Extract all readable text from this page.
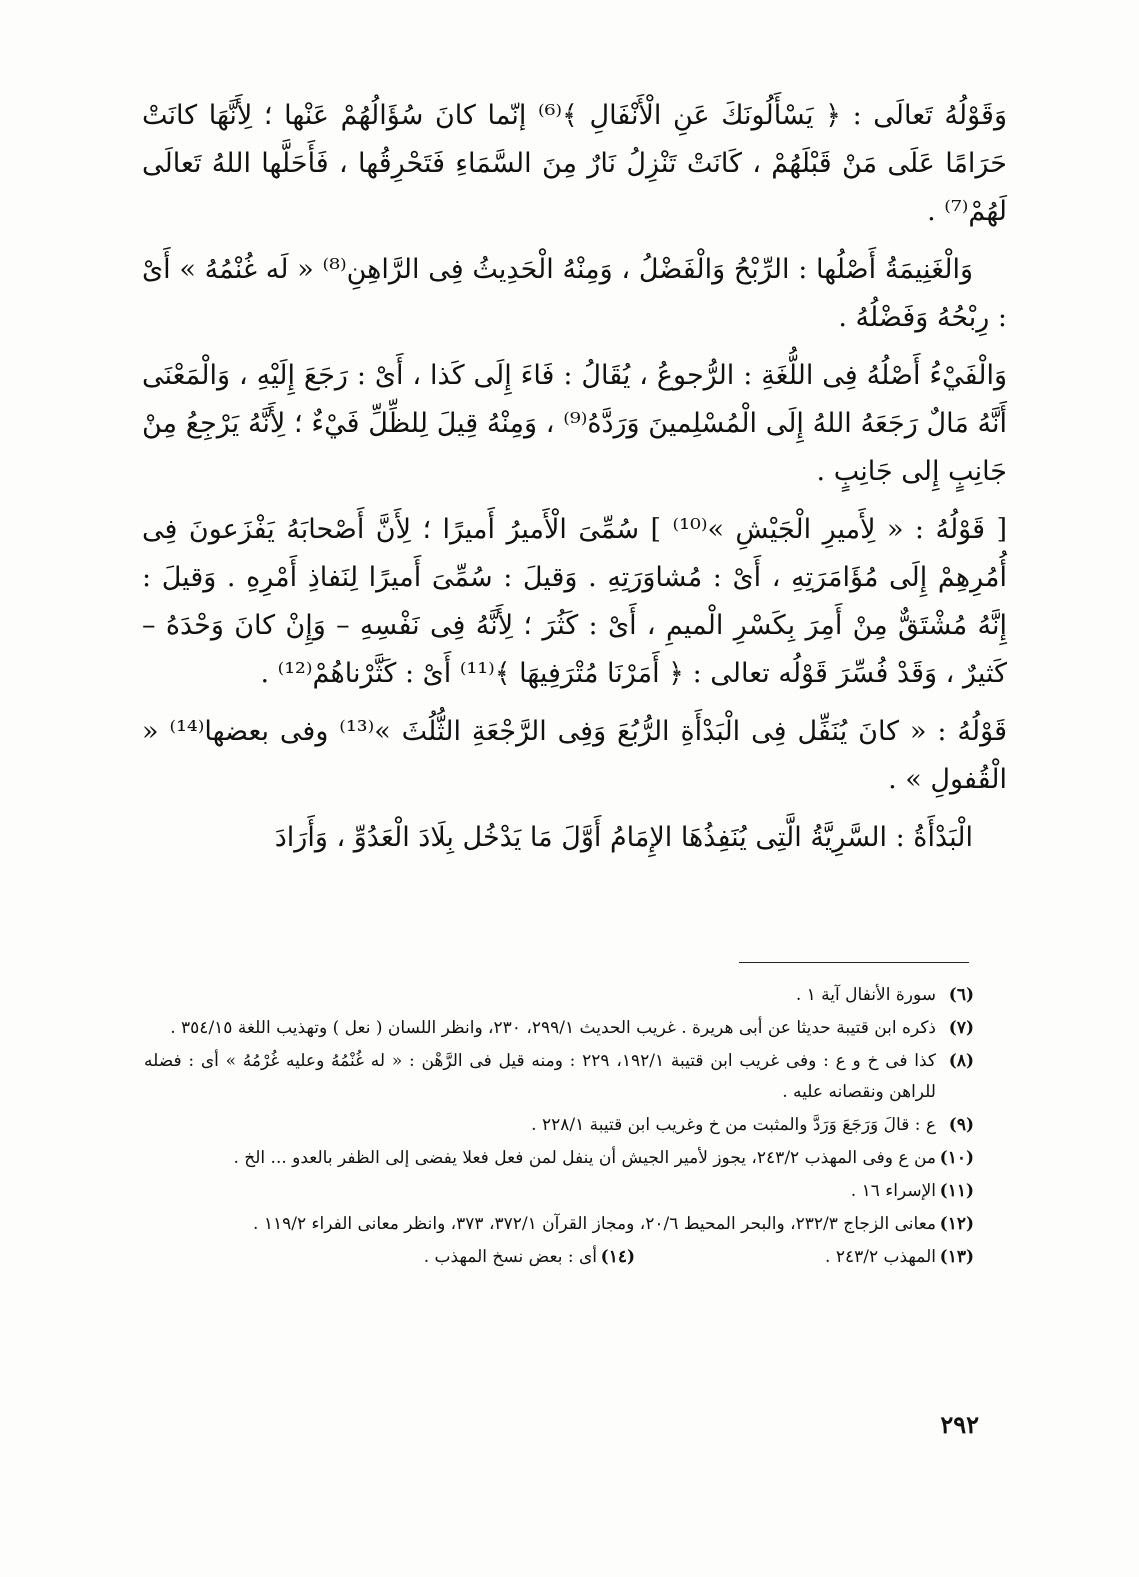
وَقَوْلُهُ تَعالَى : ﴿ يَسْأَلُونَكَ عَنِ الْأَنْفَالِ ﴾⁽⁶⁾ إنّما كانَ سُؤَالُهُمْ عَنْها ؛ لِأَنَّهَا كانَتْ حَرَامًا عَلَى مَنْ قَبْلَهُمْ ، كَانَتْ تَنْزِلُ نَارٌ مِنَ السَّمَاءِ فَتَحْرِقُها ، فَأَحَلَّها اللهُ تَعالَى لَهُمْ⁽⁷⁾ .

وَالْغَنِيمَةُ أَصْلُها : الرِّبْحُ وَالْفَضْلُ ، وَمِنْهُ الْحَدِيثُ فِى الرَّاهِنِ⁽⁸⁾ « لَه غُنْمُهُ » أَىْ : رِبْحُهُ وَفَضْلُهُ .

وَالْفَيْءُ أَصْلُهُ فِى اللُّغَةِ : الرُّجوعُ ، يُقَالُ : فَاءَ إِلَى كَذا ، أَىْ : رَجَعَ إِلَيْهِ ، وَالْمَعْنَى أَنَّهُ مَالٌ رَجَعَهُ اللهُ إِلَى الْمُسْلِمينَ وَرَدَّهُ⁽⁹⁾ ، وَمِنْهُ قِيلَ لِلظِّلِّ فَيْءٌ ؛ لِأَنَّهُ يَرْجِعُ مِنْ جَانِبٍ إِلى جَانِبٍ .

[ قَوْلُهُ : « لِأَميرِ الْجَيْشِ »⁽¹⁰⁾ ] سُمِّىَ الْأَميرُ أَميرًا ؛ لِأَنَّ أَصْحابَهُ يَفْزَعونَ فِى أُمُرِهِمْ إِلَى مُؤَامَرَتِهِ ، أَىْ : مُشاوَرَتِهِ . وَقيلَ : سُمِّىَ أَميرًا لِنَفاذِ أَمْرِهِ . وَقيلَ : إِنَّهُ مُشْتَقٌّ مِنْ أَمِرَ بِكَسْرِ الْميمِ ، أَىْ : كَثُرَ ؛ لِأَنَّهُ فِى نَفْسِهِ – وَإِنْ كانَ وَحْدَهُ – كَثيرٌ ، وَقَدْ فُسِّرَ قَوْلُه تعالى : ﴿ أَمَرْنَا مُتْرَفِيهَا ﴾⁽¹¹⁾ أَىْ : كَثَّرْناهُمْ⁽¹²⁾ .

قَوْلُهُ : « كانَ يُنَفِّل فِى الْبَدْأَةِ الرُّبُعَ وَفِى الرَّجْعَةِ الثُّلُثَ »⁽¹³⁾ وفى بعضها⁽¹⁴⁾ « الْقُفولِ » .

الْبَدْأَةُ : السَّرِيَّةُ الَّتِى يُنَفِذُهَا الإِمَامُ أَوَّلَ مَا يَدْخُل بِلَادَ الْعَدُوِّ ، وَأَرَادَ

(٦)
سورة الأنفال آية ١ .
(٧)
ذكره ابن قتيبة حديثا عن أبى هريرة . غريب الحديث ٢٩٩/١، ٢٣٠، وانظر اللسان ( نعل ) وتهذيب اللغة ٣٥٤/١٥ .
(٨)
كذا فى خ و ع : وفى غريب ابن قتيبة ١٩٢/١، ٢٢٩ : ومنه قيل فى الرَّهْن : « له غُنْمُهُ وعليه غُرْمُهُ » أى : فضله للراهن ونقصانه عليه .
(٩)
ع : قالَ وَرَجَعَ وَرَدَّ والمثبت من خ وغريب ابن قتيبة ٢٢٨/١ .
(١٠)
من ع وفى المهذب ٢٤٣/٢، يجوز لأمير الجيش أن ينفل لمن فعل فعلا يفضى إلى الظفر بالعدو ... الخ .
(١١)
الإسراء ١٦ .
(١٢)
معانى الزجاج ٢٣٢/٣، والبحر المحيط ٢٠/٦، ومجاز القرآن ٣٧٢/١، ٣٧٣، وانظر معانى الفراء ١١٩/٢ .
(١٣)
المهذب ٢٤٣/٢ .
(١٤)
أى : بعض نسخ المهذب .
٢٩٢
